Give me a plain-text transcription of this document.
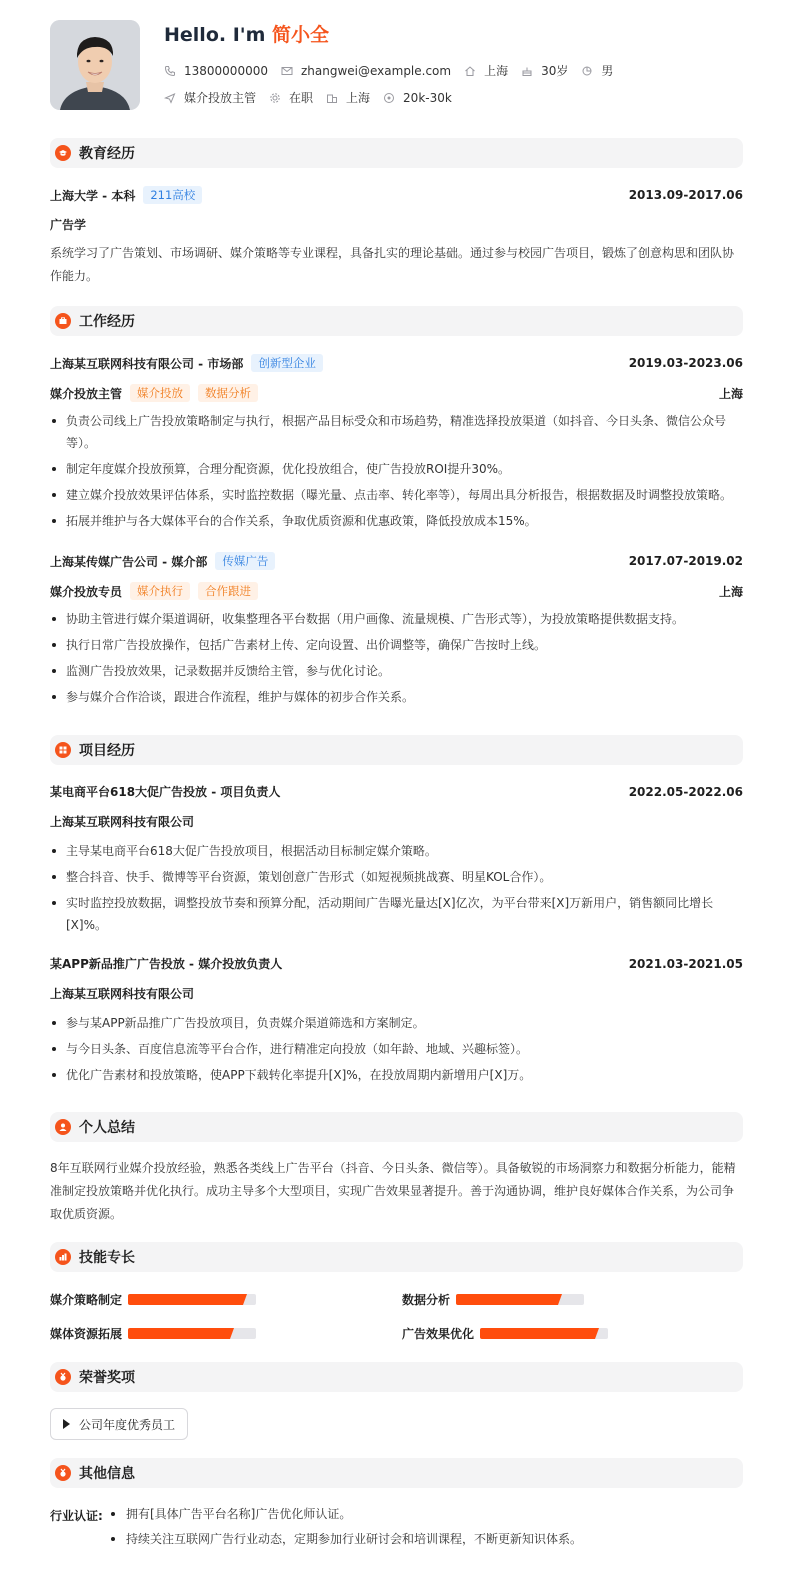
Hello. I'm 简小全
13800000000	zhangwei@example.com	上海	30岁	男
媒介投放主管	在职	上海	20k-30k
教育经历
上海大学 - 本科	211高校	2013.09-2017.06
广告学
系统学习了广告策划、市场调研、媒介策略等专业课程，具备扎实的理论基础。通过参与校园广告项目，锻炼了创意构思和团队协作能力。
工作经历
上海某互联网科技有限公司 - 市场部	创新型企业	2019.03-2023.06
媒介投放主管	媒介投放	数据分析	上海
负责公司线上广告投放策略制定与执行，根据产品目标受众和市场趋势，精准选择投放渠道（如抖音、今日头条、微信公众号等）。
制定年度媒介投放预算，合理分配资源，优化投放组合，使广告投放ROI提升30%。
建立媒介投放效果评估体系，实时监控数据（曝光量、点击率、转化率等），每周出具分析报告，根据数据及时调整投放策略。
拓展并维护与各大媒体平台的合作关系，争取优质资源和优惠政策，降低投放成本15%。
上海某传媒广告公司 - 媒介部	传媒广告	2017.07-2019.02
媒介投放专员	媒介执行	合作跟进	上海
协助主管进行媒介渠道调研，收集整理各平台数据（用户画像、流量规模、广告形式等），为投放策略提供数据支持。
执行日常广告投放操作，包括广告素材上传、定向设置、出价调整等，确保广告按时上线。
监测广告投放效果，记录数据并反馈给主管，参与优化讨论。
参与媒介合作洽谈，跟进合作流程，维护与媒体的初步合作关系。
项目经历
某电商平台618大促广告投放 - 项目负责人	2022.05-2022.06
上海某互联网科技有限公司
主导某电商平台618大促广告投放项目，根据活动目标制定媒介策略。
整合抖音、快手、微博等平台资源，策划创意广告形式（如短视频挑战赛、明星KOL合作）。
实时监控投放数据，调整投放节奏和预算分配，活动期间广告曝光量达[X]亿次，为平台带来[X]万新用户，销售额同比增长[X]%。
某APP新品推广广告投放 - 媒介投放负责人	2021.03-2021.05
上海某互联网科技有限公司
参与某APP新品推广广告投放项目，负责媒介渠道筛选和方案制定。
与今日头条、百度信息流等平台合作，进行精准定向投放（如年龄、地域、兴趣标签）。
优化广告素材和投放策略，使APP下载转化率提升[X]%，在投放周期内新增用户[X]万。
个人总结
8年互联网行业媒介投放经验，熟悉各类线上广告平台（抖音、今日头条、微信等）。具备敏锐的市场洞察力和数据分析能力，能精准制定投放策略并优化执行。成功主导多个大型项目，实现广告效果显著提升。善于沟通协调，维护良好媒体合作关系，为公司争取优质资源。
技能专长
媒介策略制定	数据分析
媒体资源拓展	广告效果优化
荣誉奖项
公司年度优秀员工
其他信息
行业认证:	拥有[具体广告平台名称]广告优化师认证。
持续关注互联网广告行业动态，定期参加行业研讨会和培训课程，不断更新知识体系。
